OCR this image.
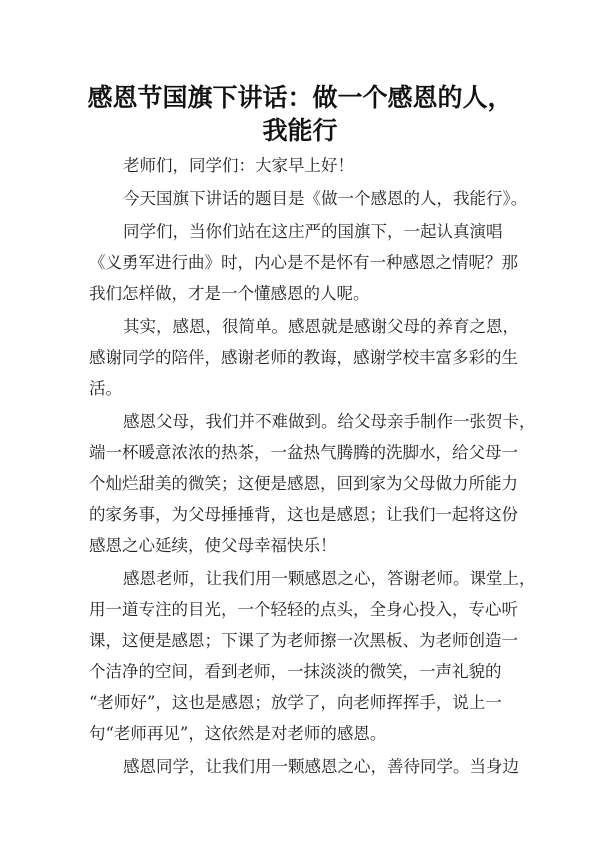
感恩节国旗下讲话：做一个感恩的人，
我能行

老师们，同学们：大家早上好！

今天国旗下讲话的题目是《做一个感恩的人，我能行》。

同学们，当你们站在这庄严的国旗下，一起认真演唱

《义勇军进行曲》时，内心是不是怀有一种感恩之情呢？那

我们怎样做，才是一个懂感恩的人呢。

其实，感恩，很简单。感恩就是感谢父母的养育之恩，

感谢同学的陪伴，感谢老师的教诲，感谢学校丰富多彩的生

活。

感恩父母，我们并不难做到。给父母亲手制作一张贺卡，

端一杯暖意浓浓的热茶，一盆热气腾腾的洗脚水，给父母一

个灿烂甜美的微笑；这便是感恩，回到家为父母做力所能力

的家务事，为父母捶捶背，这也是感恩；让我们一起将这份

感恩之心延续，使父母幸福快乐！

感恩老师，让我们用一颗感恩之心，答谢老师。课堂上，

用一道专注的目光，一个轻轻的点头，全身心投入，专心听

课，这便是感恩；下课了为老师擦一次黑板、为老师创造一

个洁净的空间，看到老师，一抹淡淡的微笑，一声礼貌的

“老师好”，这也是感恩；放学了，向老师挥挥手，说上一

句“老师再见”，这依然是对老师的感恩。

感恩同学，让我们用一颗感恩之心，善待同学。当身边
